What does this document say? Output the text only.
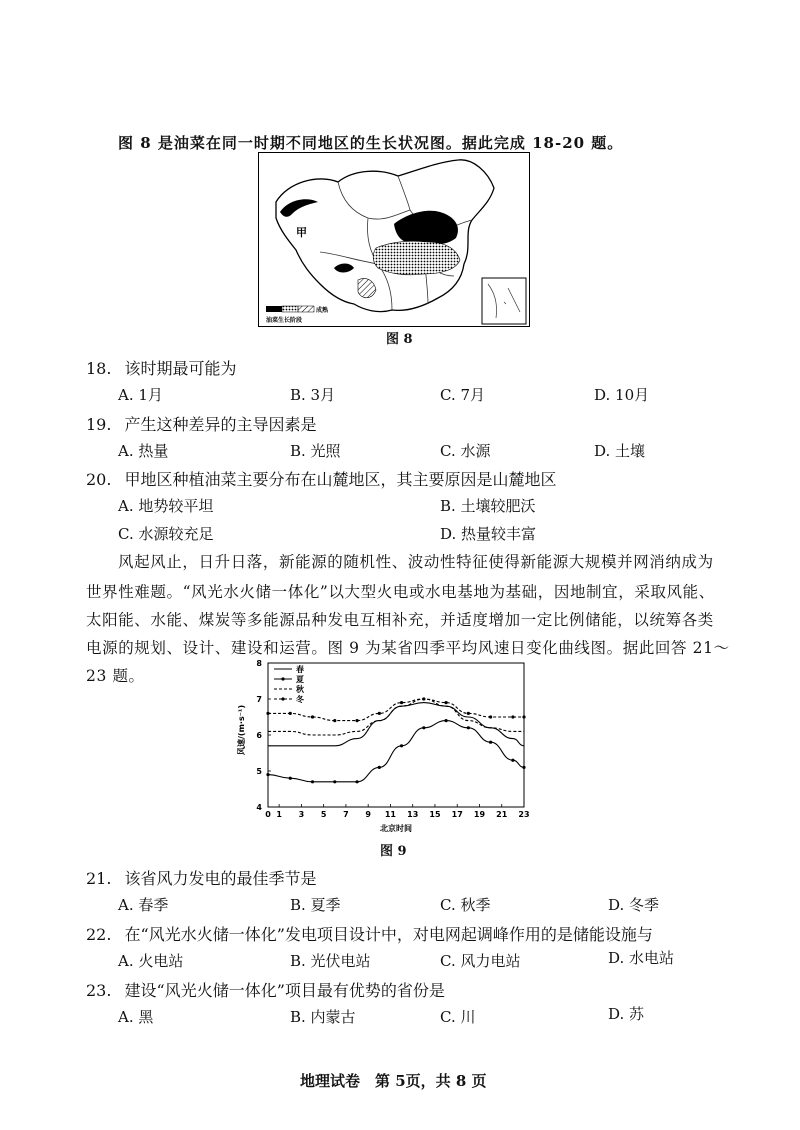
图 8 是油菜在同一时期不同地区的生长状况图。据此完成 18-20 题。
成熟
油菜生长阶段
甲
图 8
18. 该时期最可能为
A. 1月	B. 3月	C. 7月	D. 10月
19. 产生这种差异的主导因素是
A. 热量	B. 光照	C. 水源	D. 土壤
20. 甲地区种植油菜主要分布在山麓地区，其主要原因是山麓地区
A. 地势较平坦	B. 土壤较肥沃
C. 水源较充足	D. 热量较丰富
风起风止，日升日落，新能源的随机性、波动性特征使得新能源大规模并网消纳成为
世界性难题。“风光水火储一体化”以大型火电或水电基地为基础，因地制宜，采取风能、
太阳能、水能、煤炭等多能源品种发电互相补充，并适度增加一定比例储能，以统筹各类
电源的规划、设计、建设和运营。图 9 为某省四季平均风速日变化曲线图。据此回答 21～
23 题。
0 1 3 5 7 9 11 13 15 17 19 21 23
4
5
6
7
8
春
夏
秋
冬
风速/(m·s⁻¹)
北京时间
图 9
21. 该省风力发电的最佳季节是
A. 春季	B. 夏季	C. 秋季	D. 冬季
22. 在“风光水火储一体化”发电项目设计中，对电网起调峰作用的是储能设施与
A. 火电站	B. 光伏电站	C. 风力电站	D. 水电站
23. 建设“风光火储一体化”项目最有优势的省份是
A. 黑	B. 内蒙古	C. 川	D. 苏
地理试卷　第 5页，共 8 页
